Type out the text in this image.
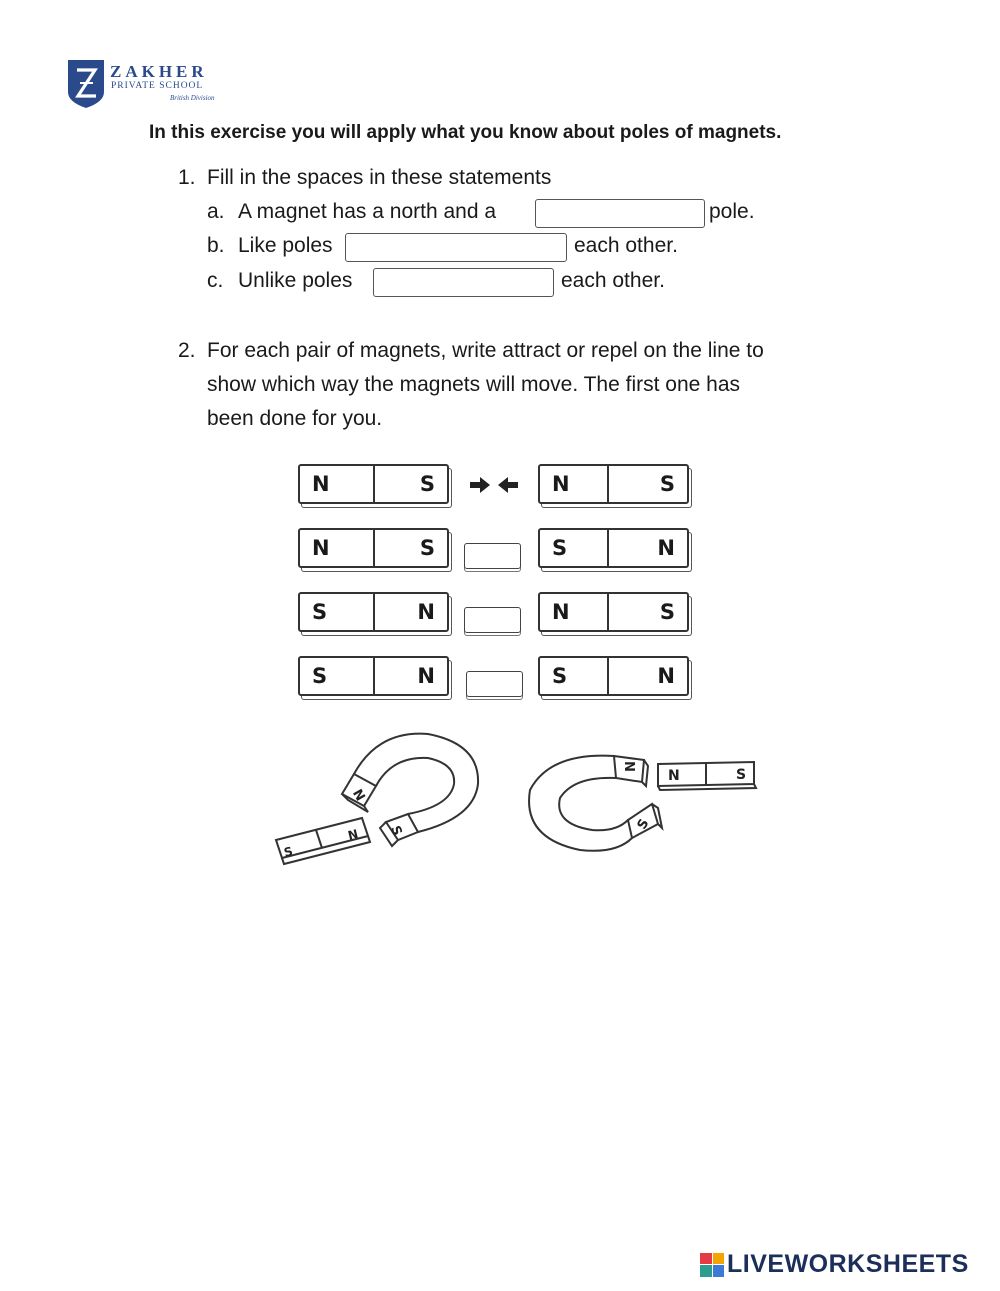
ZAKHER
PRIVATE SCHOOL
British Division
In this exercise you will apply what you know about poles of magnets.
1. Fill in the spaces in these statements
a. A magnet has a north and a	pole.
b. Like poles	each other.
c. Unlike poles	each other.
2. For each pair of magnets, write attract or repel on the line to
show which way the magnets will move. The first one has
been done for you.
N	S	N	S
N	S	S	N
S	N	N	S
S	N	S	N
N
S
S
N
N
S
N	S
LIVEWORKSHEETS
